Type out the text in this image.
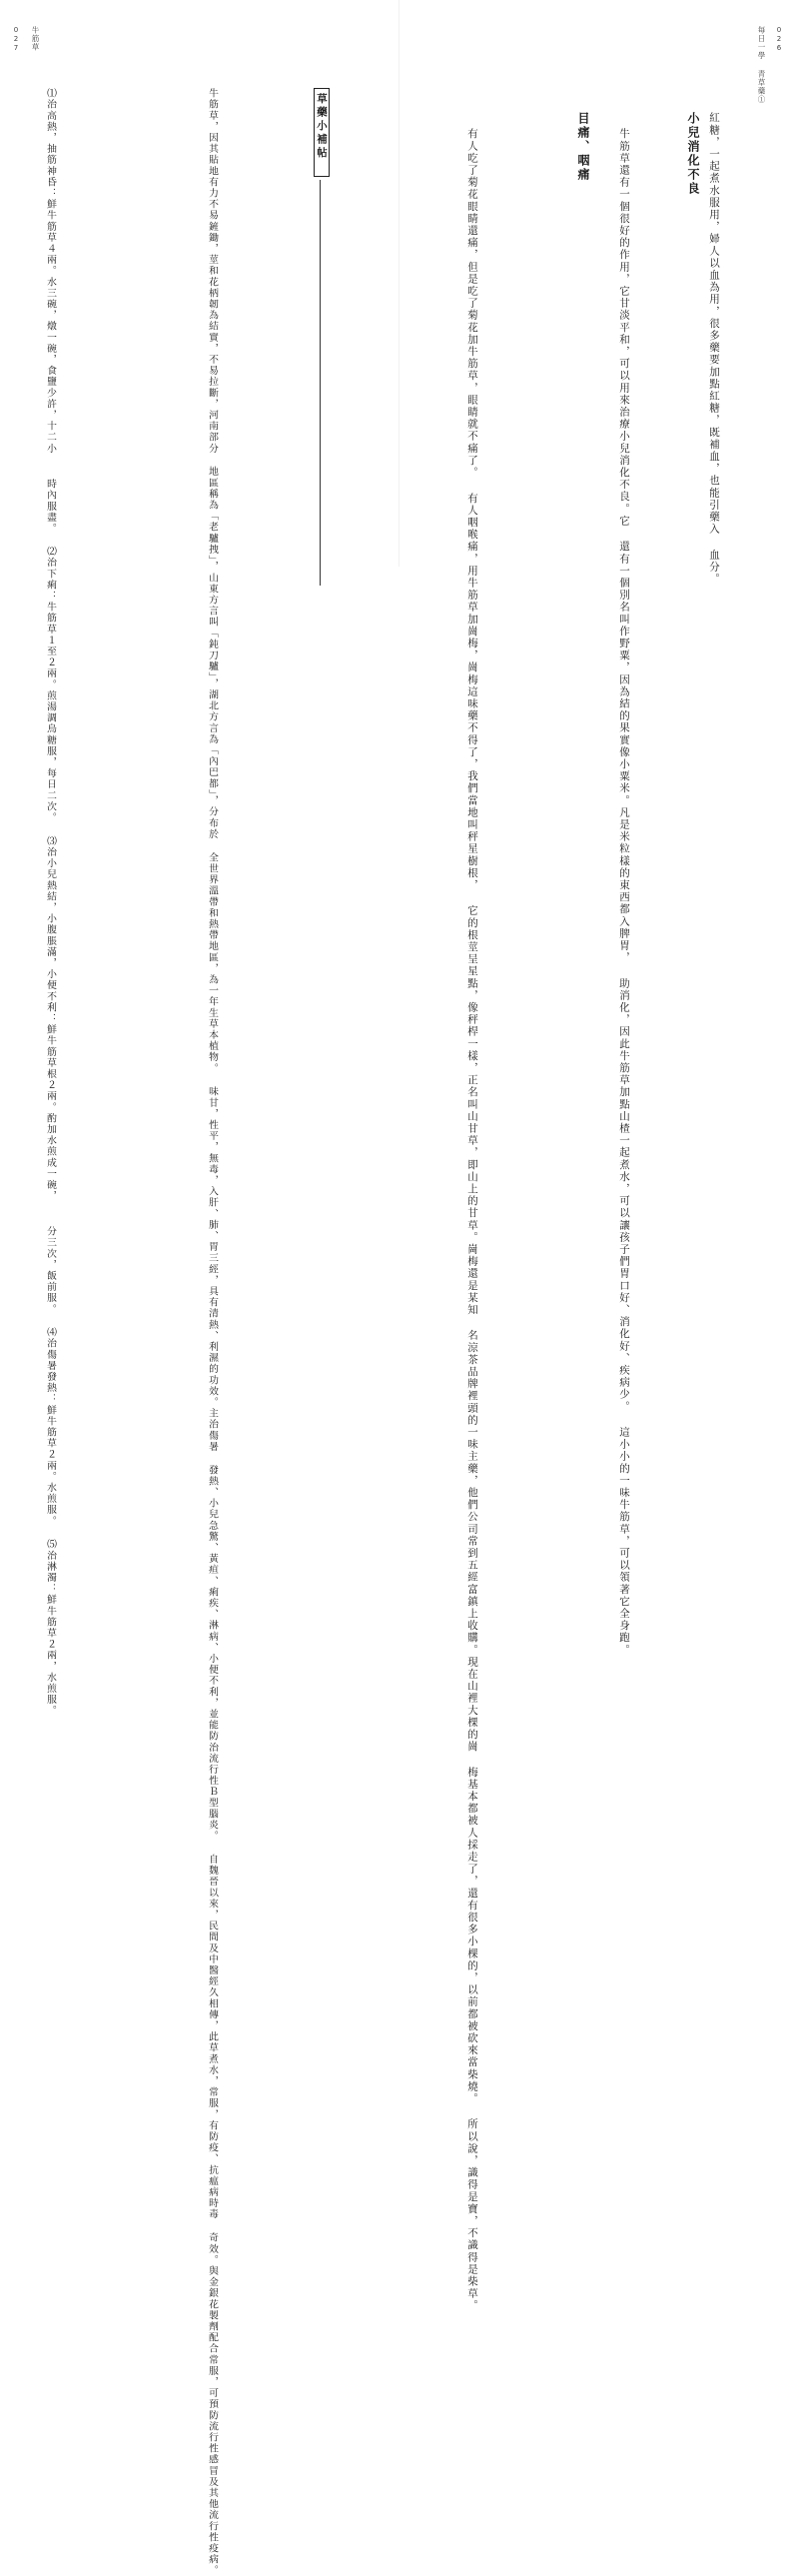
026
每日一學 青草藥①
紅糖，一起煮水服用，婦人以血為用，很多藥要加點紅糖，既補血，也能引藥入 血分。
小兒消化不良
牛筋草還有一個很好的作用，它甘淡平和，可以用來治療小兒消化不良。它 還有一個別名叫作野粟，因為結的果實像小粟米。凡是米粒樣的東西都入脾胃， 助消化，因此牛筋草加點山楂一起煮水，可以讓孩子們胃口好、消化好、疾病少。 這小小的一味牛筋草，可以領著它全身跑。
目痛、咽痛
有人吃了菊花眼睛還痛，但是吃了菊花加牛筋草，眼睛就不痛了。 有人咽喉痛，用牛筋草加崗梅，崗梅這味藥不得了，我們當地叫秤星樹根， 它的根莖呈星點，像秤桿一樣，正名叫山甘草，即山上的甘草。崗梅還是某知 名涼茶品牌裡頭的一味主藥，他們公司常到五經富鎮上收購。現在山裡大棵的崗 梅基本都被人採走了，還有很多小棵的，以前都被砍來當柴燒。 所以說，識得是寶，不識得是柴草。
027 牛筋草
草藥小補帖
牛筋草，因其貼地有力不易鏟鋤，莖和花柄韌為結實，不易拉斷，河南部分 地區稱為「老驢拽」，山東方言叫「鈍刀驢」，湖北方言為「內巴都」，分布於 全世界溫帶和熱帶地區，為一年生草本植物。 味甘，性平，無毒，入肝、肺、胃三經，具有清熱、利濕的功效。主治傷暑 發熱、小兒急驚、黃疸、痢疾、淋病、小便不利，並能防治流行性Ｂ型腦炎。 自魏晉以來，民間及中醫經久相傳，此草煮水，常服，有防疫、抗瘟病時毒 奇效。與金銀花製劑配合常服，可預防流行性感冒及其他流行性疫病。
⑴治高熱，抽筋神昏：鮮牛筋草４兩。水三碗，燉一碗，食鹽少許，十二小 時內服盡。 ⑵治下痢：牛筋草１至２兩。煎湯調烏糖服，每日二次。 ⑶治小兒熱結，小腹脹滿，小便不利：鮮牛筋草根２兩。酌加水煎成一碗， 分三次，飯前服。 ⑷治傷暑發熱：鮮牛筋草２兩。水煎服。 ⑸治淋濁：鮮牛筋草２兩，水煎服。
